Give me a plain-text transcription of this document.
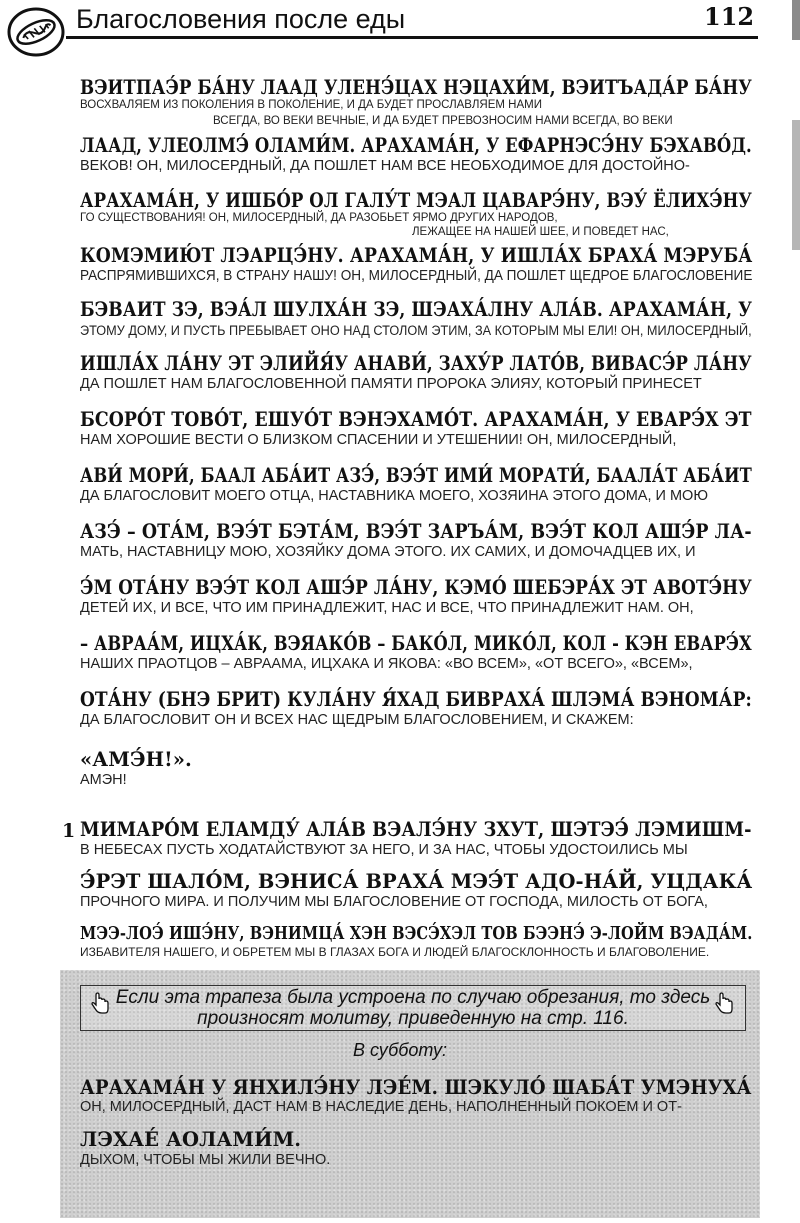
Благословения после еды	112
ВЭИТПАЭ́Р БА́НУ ЛААД УЛЕНЭ́ЦАХ НЭЦАХИ́М, ВЭИТЪАДА́Р БА́НУ
ВОСХВАЛЯЕМ ИЗ ПОКОЛЕНИЯ В ПОКОЛЕНИЕ, И ДА БУДЕТ ПРОСЛАВЛЯЕМ НАМИ
ВСЕГДА, ВО ВЕКИ ВЕЧНЫЕ, И ДА БУДЕТ ПРЕВОЗНОСИМ НАМИ ВСЕГДА, ВО ВЕКИ
ЛААД, УЛЕОЛМЭ́ ОЛАМИ́М. АРАХАМА́Н, У ЕФАРНЭСЭ́НУ БЭХАВО́Д.
ВЕКОВ! ОН, МИЛОСЕРДНЫЙ, ДА ПОШЛЕТ НАМ ВСЕ НЕОБХОДИМОЕ ДЛЯ ДОСТОЙНО-
АРАХАМА́Н, У ИШБО́Р ОЛ ГАЛУ́Т МЭАЛ ЦАВАРЭ́НУ, ВЭУ́ ЁЛИХЭ́НУ
ГО СУЩЕСТВОВАНИЯ! ОН, МИЛОСЕРДНЫЙ, ДА РАЗОБЬЕТ ЯРМО ДРУГИХ НАРОДОВ,
ЛЕЖАЩЕЕ НА НАШЕЙ ШЕЕ, И ПОВЕДЕТ НАС,
КОМЭМИЮ́Т ЛЭАРЦЭ́НУ. АРАХАМА́Н, У ИШЛА́Х БРАХА́ МЭРУБА́
РАСПРЯМИВШИХСЯ, В СТРАНУ НАШУ! ОН, МИЛОСЕРДНЫЙ, ДА ПОШЛЕТ ЩЕДРОЕ БЛАГОСЛОВЕНИЕ
БЭВАИТ ЗЭ, ВЭА́Л ШУЛХА́Н ЗЭ, ШЭАХА́ЛНУ АЛА́В. АРАХАМА́Н, У
ЭТОМУ ДОМУ, И ПУСТЬ ПРЕБЫВАЕТ ОНО НАД СТОЛОМ ЭТИМ, ЗА КОТОРЫМ МЫ ЕЛИ! ОН, МИЛОСЕРДНЫЙ,
ИШЛА́Х ЛА́НУ ЭТ ЭЛИЙЯ́У АНАВИ́, ЗАХУ́Р ЛАТО́В, ВИВАСЭ́Р ЛА́НУ
ДА ПОШЛЕТ НАМ БЛАГОСЛОВЕННОЙ ПАМЯТИ ПРОРОКА ЭЛИЯУ, КОТОРЫЙ ПРИНЕСЕТ
БСОРО́Т ТОВО́Т, ЕШУО́Т ВЭНЭХАМО́Т. АРАХАМА́Н, У ЕВАРЭ́Х ЭТ
НАМ ХОРОШИЕ ВЕСТИ О БЛИЗКОМ СПАСЕНИИ И УТЕШЕНИИ! ОН, МИЛОСЕРДНЫЙ,
АВИ́ МОРИ́, БААЛ АБА́ИТ АЗЭ́, ВЭЭ́Т ИМИ́ МОРАТИ́, БААЛА́Т АБА́ИТ
ДА БЛАГОСЛОВИТ МОЕГО ОТЦА, НАСТАВНИКА МОЕГО, ХОЗЯИНА ЭТОГО ДОМА, И МОЮ
АЗЭ́ – ОТА́М, ВЭЭ́Т БЭТА́М, ВЭЭ́Т ЗАРЪА́М, ВЭЭ́Т КОЛ АШЭ́Р ЛА-
МАТЬ, НАСТАВНИЦУ МОЮ, ХОЗЯЙКУ ДОМА ЭТОГО. ИХ САМИХ, И ДОМОЧАДЦЕВ ИХ, И
Э́М ОТА́НУ ВЭЭ́Т КОЛ АШЭ́Р ЛА́НУ, КЭМО́ ШЕБЭРА́Х ЭТ АВОТЭ́НУ
ДЕТЕЙ ИХ, И ВСЕ, ЧТО ИМ ПРИНАДЛЕЖИТ, НАС И ВСЕ, ЧТО ПРИНАДЛЕЖИТ НАМ. ОН,
– АВРАА́М, ИЦХА́К, ВЭЯАКО́В – БАКО́Л, МИКО́Л, КОЛ - КЭН ЕВАРЭ́Х
НАШИХ ПРАОТЦОВ – АВРААМА, ИЦХАКА И ЯКОВА: «ВО ВСЕМ», «ОТ ВСЕГО», «ВСЕМ»,
ОТА́НУ (БНЭ БРИТ) КУЛА́НУ Я́ХАД БИВРАХА́ ШЛЭМА́ ВЭНОМА́Р:
ДА БЛАГОСЛОВИТ ОН И ВСЕХ НАС ЩЕДРЫМ БЛАГОСЛОВЕНИЕМ, И СКАЖЕМ:
«АМЭ́Н!».
АМЭН!
1 МИМАРО́М ЕЛАМДУ́ АЛА́В ВЭАЛЭ́НУ ЗХУТ, ШЭТЭЭ́ ЛЭМИШМ-
В НЕБЕСАХ ПУСТЬ ХОДАТАЙСТВУЮТ ЗА НЕГО, И ЗА НАС, ЧТОБЫ УДОСТОИЛИСЬ МЫ
Э́РЭТ ШАЛО́М, ВЭНИСА́ ВРАХА́ МЭЭ́Т АДО-НА́Й, УЦДАКА́
ПРОЧНОГО МИРА. И ПОЛУЧИМ МЫ БЛАГОСЛОВЕНИЕ ОТ ГОСПОДА, МИЛОСТЬ ОТ БОГА,
МЭЭ-ЛОЭ́ ИШЭ́НУ, ВЭНИМЦА́ ХЭН ВЭСЭ́ХЭЛ ТОВ БЭЭНЭ́ Э-ЛОЙМ ВЭАДА́М.
ИЗБАВИТЕЛЯ НАШЕГО, И ОБРЕТЕМ МЫ В ГЛАЗАХ БОГА И ЛЮДЕЙ БЛАГОСКЛОННОСТЬ И БЛАГОВОЛЕНИЕ.
Если эта трапеза была устроена по случаю обрезания, то здесь
произносят молитву, приведенную на стр. 116.
В субботу:
АРАХАМА́Н У ЯНХИЛЭ́НУ ЛЭЕ́М. ШЭКУЛО́ ШАБА́Т УМЭНУХА́
ОН, МИЛОСЕРДНЫЙ, ДАСТ НАМ В НАСЛЕДИЕ ДЕНЬ, НАПОЛНЕННЫЙ ПОКОЕМ И ОТ-
ЛЭХАЕ́ АОЛАМИ́М.
ДЫХОМ, ЧТОБЫ МЫ ЖИЛИ ВЕЧНО.
